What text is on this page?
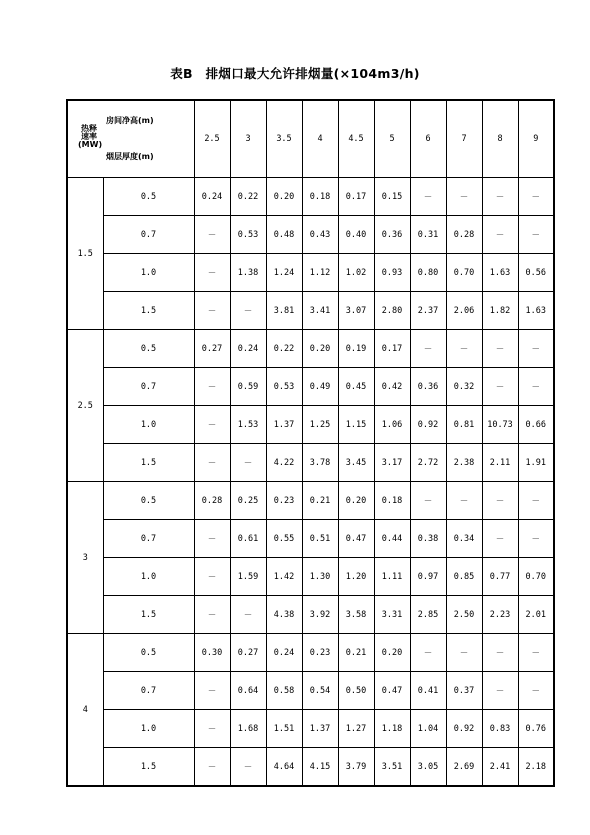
表B　排烟口最大允许排烟量(×104m3/h)
房间净高(m)
热释速率(MW)
烟层厚度(m)		2.5	3	3.5	4	4.5	5	6	7	8	9
1.5	0.5	0.24	0.22	0.20	0.18	0.17	0.15	－	－	－	－
	0.7	－	0.53	0.48	0.43	0.40	0.36	0.31	0.28	－	－
	1.0	－	1.38	1.24	1.12	1.02	0.93	0.80	0.70	1.63	0.56
	1.5	－	－	3.81	3.41	3.07	2.80	2.37	2.06	1.82	1.63
2.5	0.5	0.27	0.24	0.22	0.20	0.19	0.17	－	－	－	－
	0.7	－	0.59	0.53	0.49	0.45	0.42	0.36	0.32	－	－
	1.0	－	1.53	1.37	1.25	1.15	1.06	0.92	0.81	10.73	0.66
	1.5	－	－	4.22	3.78	3.45	3.17	2.72	2.38	2.11	1.91
3	0.5	0.28	0.25	0.23	0.21	0.20	0.18	－	－	－	－
	0.7	－	0.61	0.55	0.51	0.47	0.44	0.38	0.34	－	－
	1.0	－	1.59	1.42	1.30	1.20	1.11	0.97	0.85	0.77	0.70
	1.5	－	－	4.38	3.92	3.58	3.31	2.85	2.50	2.23	2.01
4	0.5	0.30	0.27	0.24	0.23	0.21	0.20	－	－	－	－
	0.7	－	0.64	0.58	0.54	0.50	0.47	0.41	0.37	－	－
	1.0	－	1.68	1.51	1.37	1.27	1.18	1.04	0.92	0.83	0.76
	1.5	－	－	4.64	4.15	3.79	3.51	3.05	2.69	2.41	2.18
